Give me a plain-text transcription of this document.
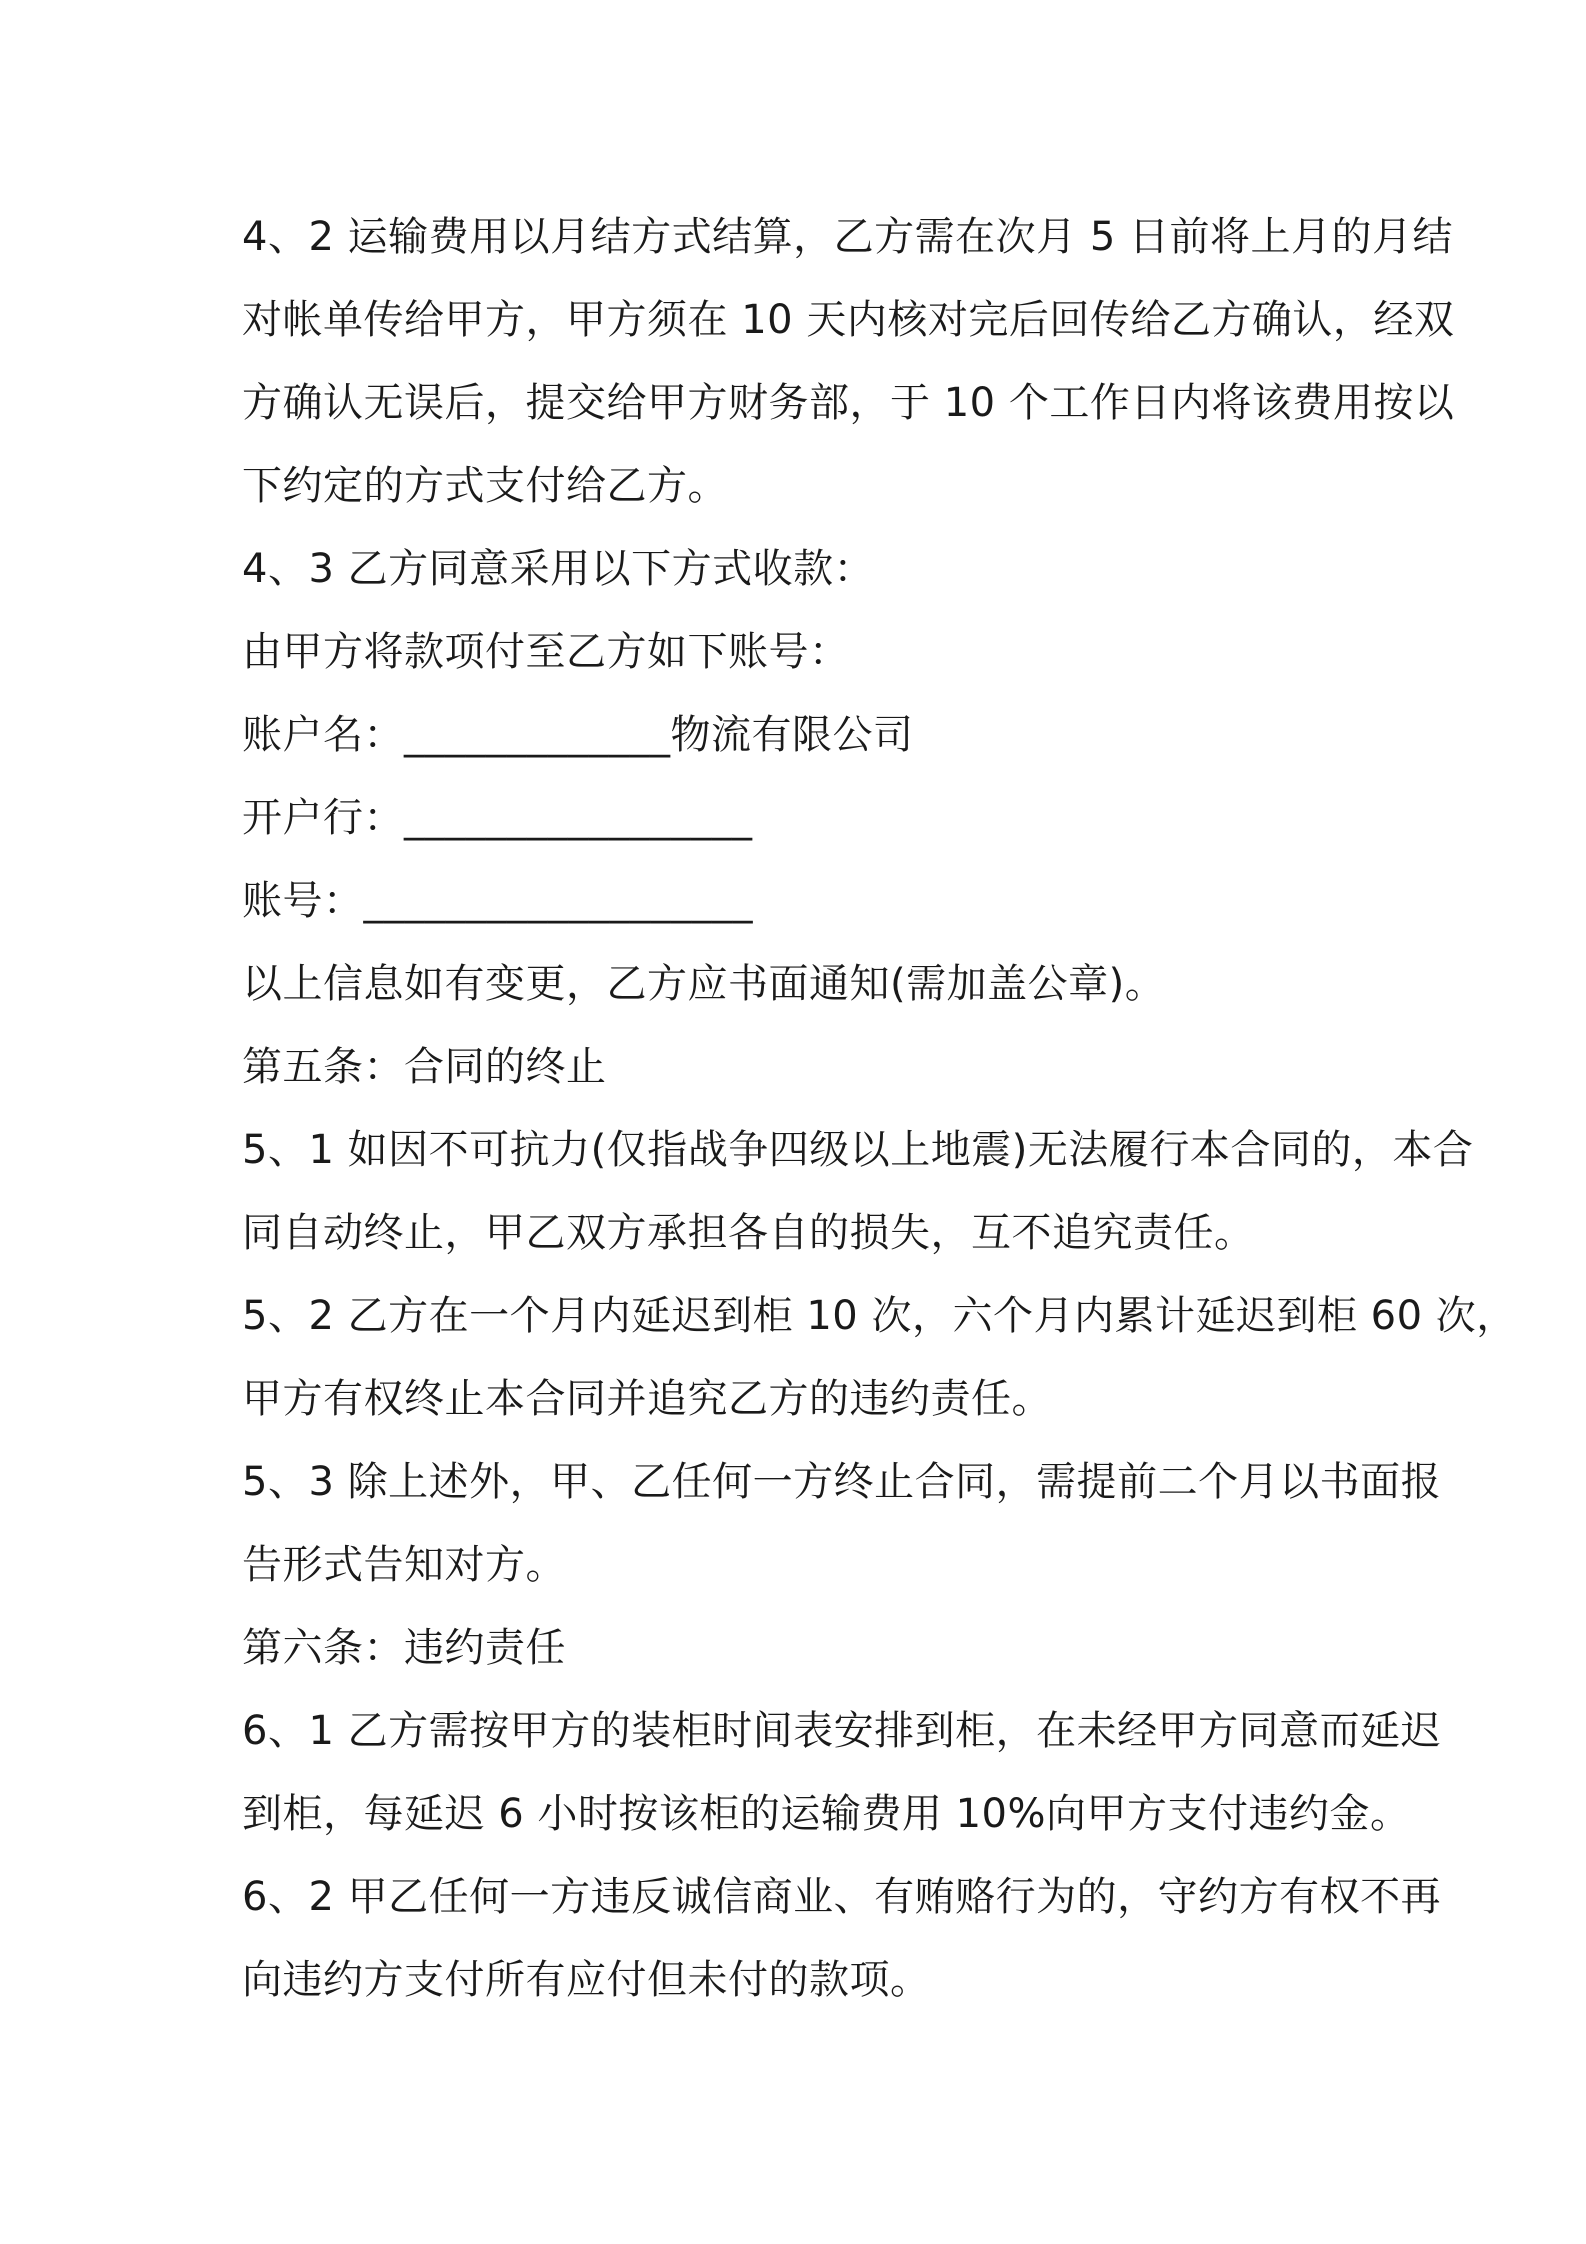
4、2 运输费用以月结方式结算，乙方需在次月 5 日前将上月的月结
对帐单传给甲方，甲方须在 10 天内核对完后回传给乙方确认，经双
方确认无误后，提交给甲方财务部，于 10 个工作日内将该费用按以
下约定的方式支付给乙方。
4、3 乙方同意采用以下方式收款：
由甲方将款项付至乙方如下账号：
账户名：_____________物流有限公司
开户行：_________________
账号：___________________
以上信息如有变更，乙方应书面通知(需加盖公章)。
第五条：合同的终止
5、1 如因不可抗力(仅指战争四级以上地震)无法履行本合同的，本合
同自动终止，甲乙双方承担各自的损失，互不追究责任。
5、2 乙方在一个月内延迟到柜 10 次，六个月内累计延迟到柜 60 次，
甲方有权终止本合同并追究乙方的违约责任。
5、3 除上述外，甲、乙任何一方终止合同，需提前二个月以书面报
告形式告知对方。
第六条：违约责任
6、1 乙方需按甲方的装柜时间表安排到柜，在未经甲方同意而延迟
到柜，每延迟 6 小时按该柜的运输费用 10%向甲方支付违约金。
6、2 甲乙任何一方违反诚信商业、有贿赂行为的，守约方有权不再
向违约方支付所有应付但未付的款项。
